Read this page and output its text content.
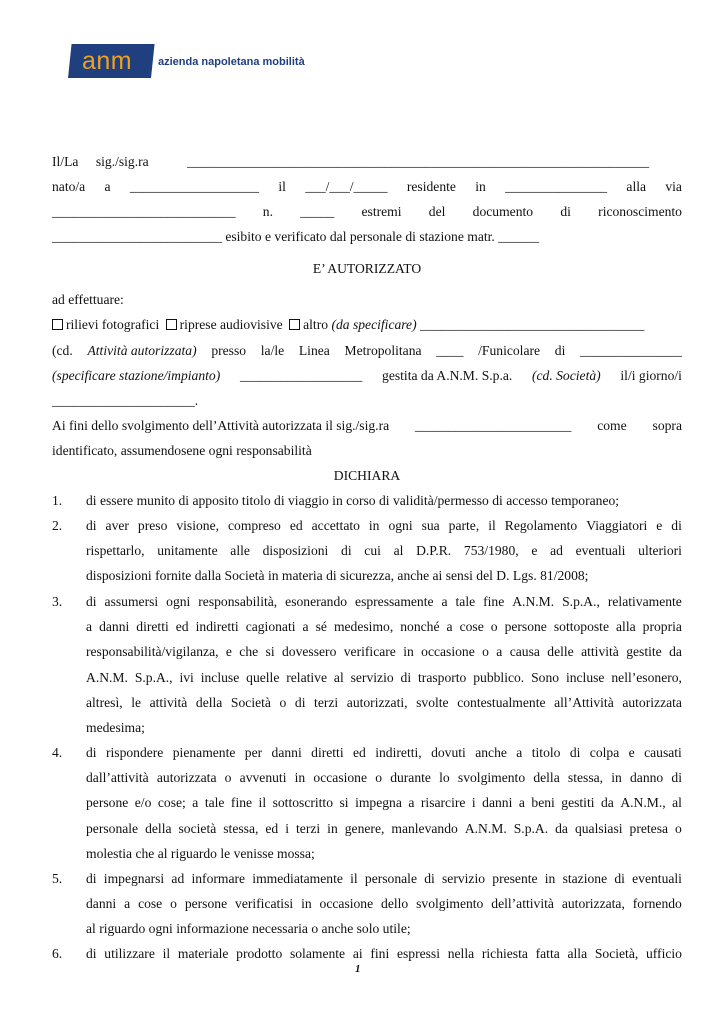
anm azienda napoletana mobilità
Il/La sig./sig.ra	____________________________________________________________________
nato/a a ___________________ il ___/___/_____ residente in _______________ alla via
___________________________ n. _____ estremi del documento di riconoscimento
_________________________ esibito e verificato dal personale di stazione matr. ______
E’ AUTORIZZATO
ad effettuare:
rilievi fotografici riprese audiovisive altro (da specificare) _________________________________
(cd. Attività autorizzata) presso la/le Linea Metropolitana ____ /Funicolare di _______________
(specificare stazione/impianto) __________________ gestita da A.N.M. S.p.a. (cd. Società) il/i giorno/i
_____________________.
Ai fini dello svolgimento dell’Attività autorizzata il sig./sig.ra _______________________ come sopra
identificato, assumendosene ogni responsabilità
DICHIARA
1. di essere munito di apposito titolo di viaggio in corso di validità/permesso di accesso temporaneo;
2. di aver preso visione, compreso ed accettato in ogni sua parte, il Regolamento Viaggiatori e di
rispettarlo, unitamente alle disposizioni di cui al D.P.R. 753/1980, e ad eventuali ulteriori
disposizioni fornite dalla Società in materia di sicurezza, anche ai sensi del D. Lgs. 81/2008;
3. di assumersi ogni responsabilità, esonerando espressamente a tale fine A.N.M. S.p.A., relativamente
a danni diretti ed indiretti cagionati a sé medesimo, nonché a cose o persone sottoposte alla propria
responsabilità/vigilanza, e che si dovessero verificare in occasione o a causa delle attività gestite da
A.N.M. S.p.A., ivi incluse quelle relative al servizio di trasporto pubblico. Sono incluse nell’esonero,
altresì, le attività della Società o di terzi autorizzati, svolte contestualmente all’Attività autorizzata
medesima;
4. di rispondere pienamente per danni diretti ed indiretti, dovuti anche a titolo di colpa e causati
dall’attività autorizzata o avvenuti in occasione o durante lo svolgimento della stessa, in danno di
persone e/o cose; a tale fine il sottoscritto si impegna a risarcire i danni a beni gestiti da A.N.M., al
personale della società stessa, ed i terzi in genere, manlevando A.N.M. S.p.A. da qualsiasi pretesa o
molestia che al riguardo le venisse mossa;
5. di impegnarsi ad informare immediatamente il personale di servizio presente in stazione di eventuali
danni a cose o persone verificatisi in occasione dello svolgimento dell’attività autorizzata, fornendo
al riguardo ogni informazione necessaria o anche solo utile;
6. di utilizzare il materiale prodotto solamente ai fini espressi nella richiesta fatta alla Società, ufficio
1
